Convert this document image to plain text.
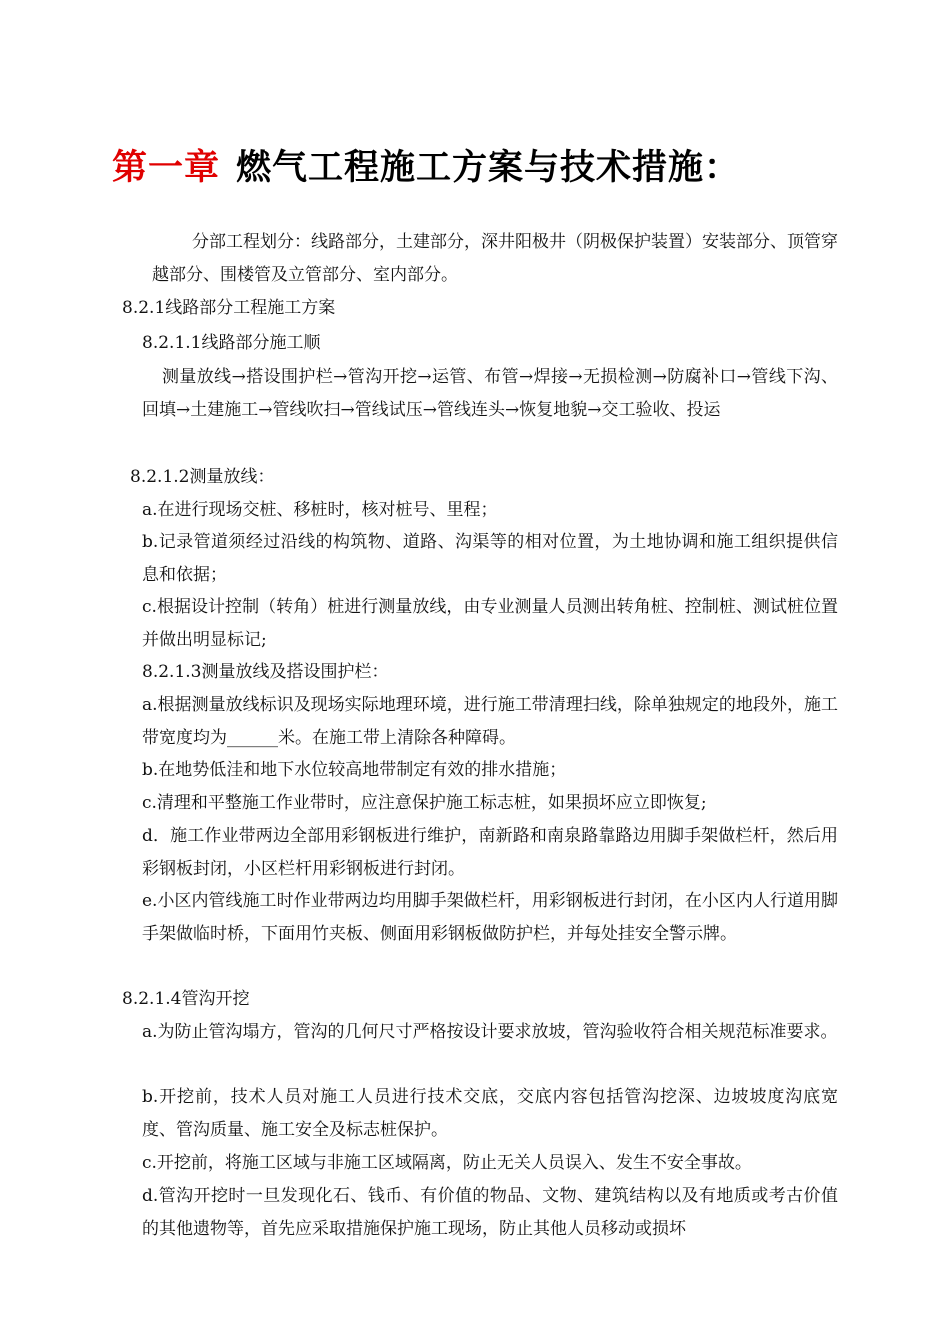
第一章 燃气工程施工方案与技术措施：

分部工程划分：线路部分，土建部分，深井阳极井（阴极保护装置）安装部分、顶管穿越部分、围楼管及立管部分、室内部分。

8.2.1线路部分工程施工方案

8.2.1.1线路部分施工顺

测量放线→搭设围护栏→管沟开挖→运管、布管→焊接→无损检测→防腐补口→管线下沟、回填→土建施工→管线吹扫→管线试压→管线连头→恢复地貌→交工验收、投运

8.2.1.2测量放线：

a.在进行现场交桩、移桩时，核对桩号、里程；

b.记录管道须经过沿线的构筑物、道路、沟渠等的相对位置，为土地协调和施工组织提供信息和依据；

c.根据设计控制（转角）桩进行测量放线，由专业测量人员测出转角桩、控制桩、测试桩位置并做出明显标记;

8.2.1.3测量放线及搭设围护栏：

a.根据测量放线标识及现场实际地理环境，进行施工带清理扫线，除单独规定的地段外，施工带宽度均为______米。在施工带上清除各种障碍。

b.在地势低洼和地下水位较高地带制定有效的排水措施；

c.清理和平整施工作业带时，应注意保护施工标志桩，如果损坏应立即恢复;

d．施工作业带两边全部用彩钢板进行维护，南新路和南泉路靠路边用脚手架做栏杆，然后用彩钢板封闭，小区栏杆用彩钢板进行封闭。

e.小区内管线施工时作业带两边均用脚手架做栏杆，用彩钢板进行封闭，在小区内人行道用脚手架做临时桥，下面用竹夹板、侧面用彩钢板做防护栏，并每处挂安全警示牌。

8.2.1.4管沟开挖

a.为防止管沟塌方，管沟的几何尺寸严格按设计要求放坡，管沟验收符合相关规范标准要求。

b.开挖前，技术人员对施工人员进行技术交底，交底内容包括管沟挖深、边坡坡度沟底宽度、管沟质量、施工安全及标志桩保护。

c.开挖前，将施工区域与非施工区域隔离，防止无关人员误入、发生不安全事故。

d.管沟开挖时一旦发现化石、钱币、有价值的物品、文物、建筑结构以及有地质或考古价值的其他遗物等，首先应采取措施保护施工现场，防止其他人员移动或损坏
